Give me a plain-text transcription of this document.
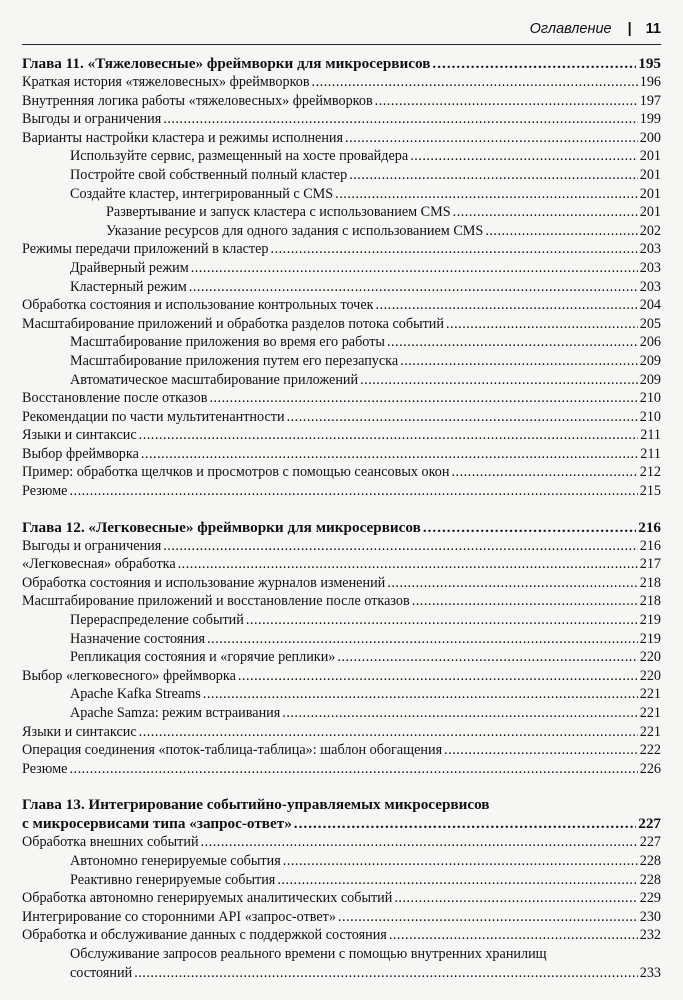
Оглавление | 11
Глава 11. «Тяжеловесные» фреймворки для микросервисов .....	195
Краткая история «тяжеловесных» фреймворков .....	196
Внутренняя логика работы «тяжеловесных» фреймворков .....	197
Выгоды и ограничения .....	199
Варианты настройки кластера и режимы исполнения .....	200
Используйте сервис, размещенный на хосте провайдера .....	201
Постройте свой собственный полный кластер .....	201
Создайте кластер, интегрированный с CMS .....	201
Развертывание и запуск кластера с использованием CMS .....	201
Указание ресурсов для одного задания с использованием CMS .....	202
Режимы передачи приложений в кластер .....	203
Драйверный режим .....	203
Кластерный режим .....	203
Обработка состояния и использование контрольных точек .....	204
Масштабирование приложений и обработка разделов потока событий .....	205
Масштабирование приложения во время его работы .....	206
Масштабирование приложения путем его перезапуска .....	209
Автоматическое масштабирование приложений .....	209
Восстановление после отказов .....	210
Рекомендации по части мультитенантности .....	210
Языки и синтаксис .....	211
Выбор фреймворка .....	211
Пример: обработка щелчков и просмотров с помощью сеансовых окон .....	212
Резюме .....	215
Глава 12. «Легковесные» фреймворки для микросервисов .....	216
Выгоды и ограничения .....	216
«Легковесная» обработка .....	217
Обработка состояния и использование журналов изменений .....	218
Масштабирование приложений и восстановление после отказов .....	218
Перераспределение событий .....	219
Назначение состояния .....	219
Репликация состояния и «горячие реплики» .....	220
Выбор «легковесного» фреймворка .....	220
Apache Kafka Streams .....	221
Apache Samza: режим встраивания .....	221
Языки и синтаксис .....	221
Операция соединения «поток-таблица-таблица»: шаблон обогащения .....	222
Резюме .....	226
Глава 13. Интегрирование событийно-управляемых микросервисов
с микросервисами типа «запрос-ответ» .....	227
Обработка внешних событий .....	227
Автономно генерируемые события .....	228
Реактивно генерируемые события .....	228
Обработка автономно генерируемых аналитических событий .....	229
Интегрирование со сторонними API «запрос-ответ» .....	230
Обработка и обслуживание данных с поддержкой состояния .....	232
Обслуживание запросов реального времени с помощью внутренних хранилищ
состояний .....	233
